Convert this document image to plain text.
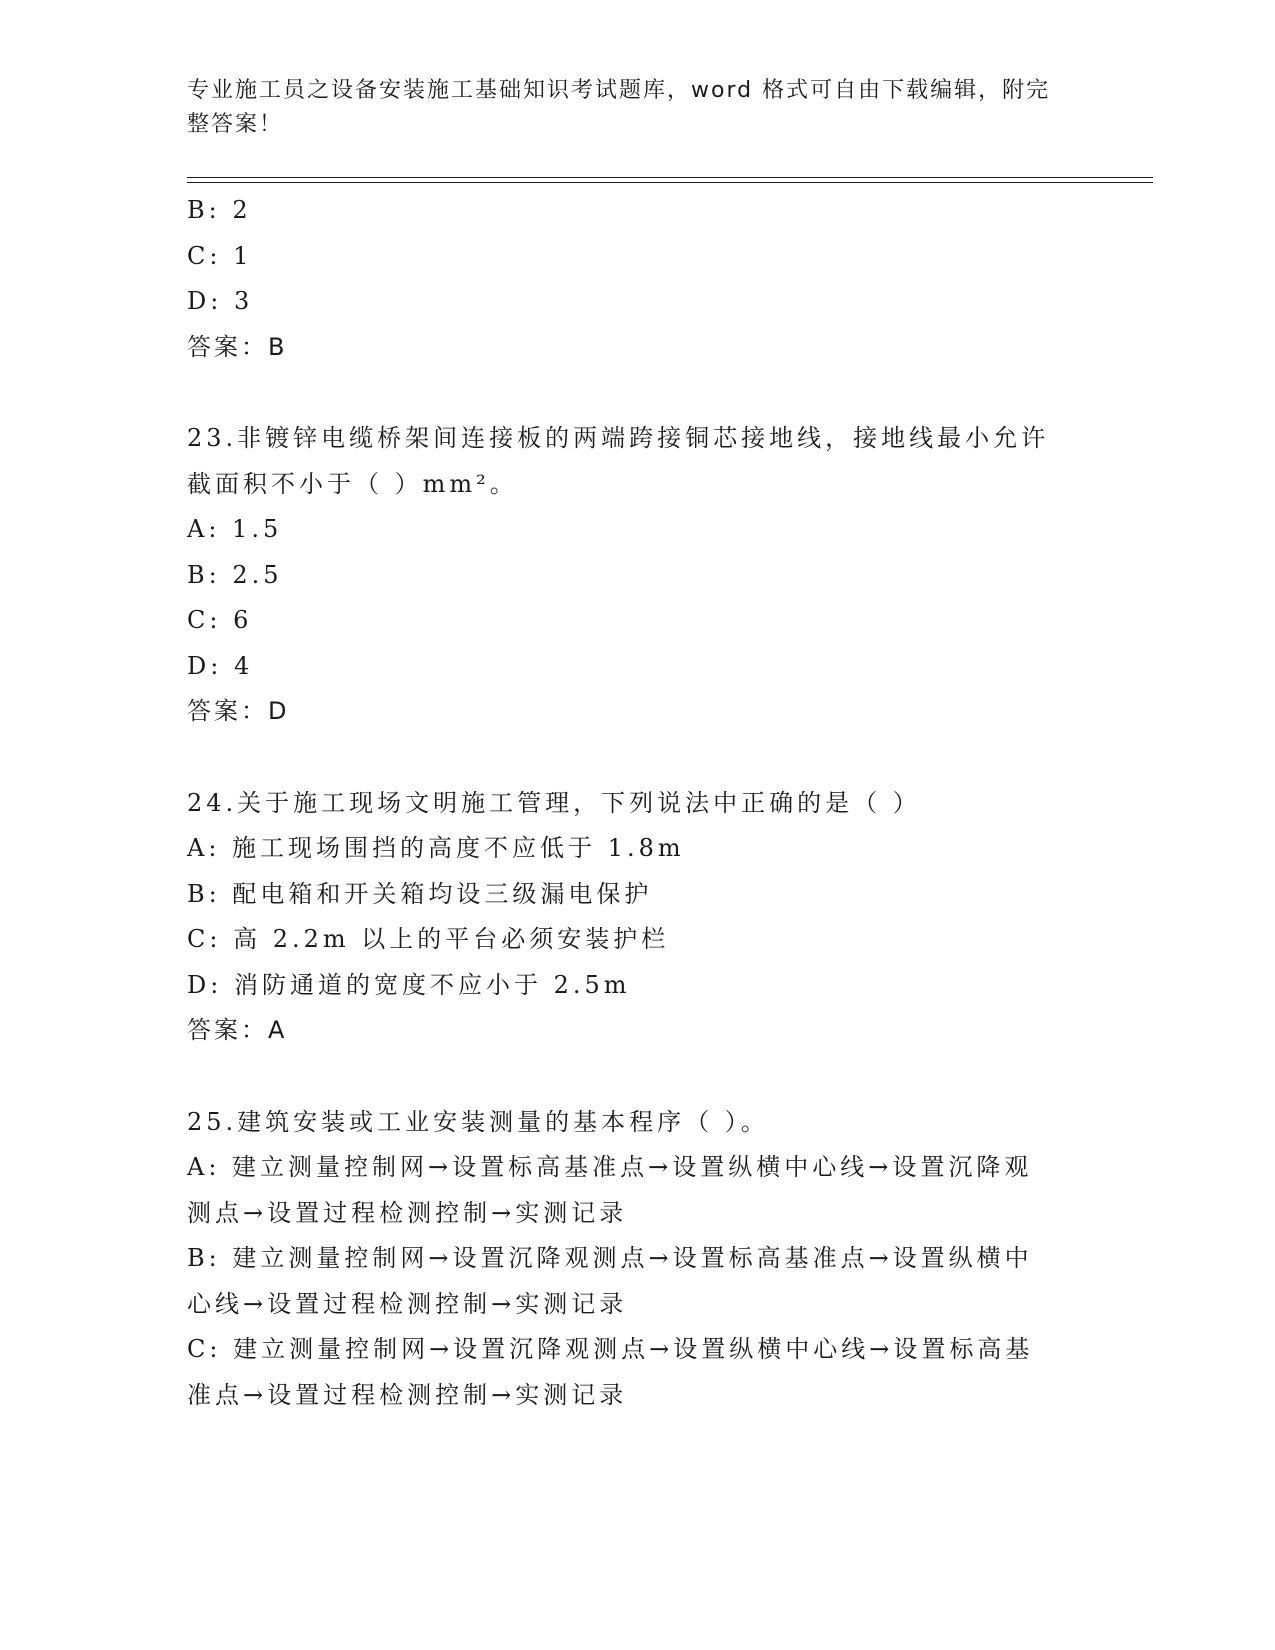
专业施工员之设备安装施工基础知识考试题库，word 格式可自由下载编辑，附完
整答案！
B: 2
C: 1
D: 3
答案：B
23.非镀锌电缆桥架间连接板的两端跨接铜芯接地线，接地线最小允许
截面积不小于（ ）mm²。
A: 1.5
B: 2.5
C: 6
D: 4
答案：D
24.关于施工现场文明施工管理，下列说法中正确的是（ ）
A: 施工现场围挡的高度不应低于 1.8m
B: 配电箱和开关箱均设三级漏电保护
C: 高 2.2m 以上的平台必须安装护栏
D: 消防通道的宽度不应小于 2.5m
答案：A
25.建筑安装或工业安装测量的基本程序（ ）。
A: 建立测量控制网→设置标高基准点→设置纵横中心线→设置沉降观
测点→设置过程检测控制→实测记录
B: 建立测量控制网→设置沉降观测点→设置标高基准点→设置纵横中
心线→设置过程检测控制→实测记录
C: 建立测量控制网→设置沉降观测点→设置纵横中心线→设置标高基
准点→设置过程检测控制→实测记录
